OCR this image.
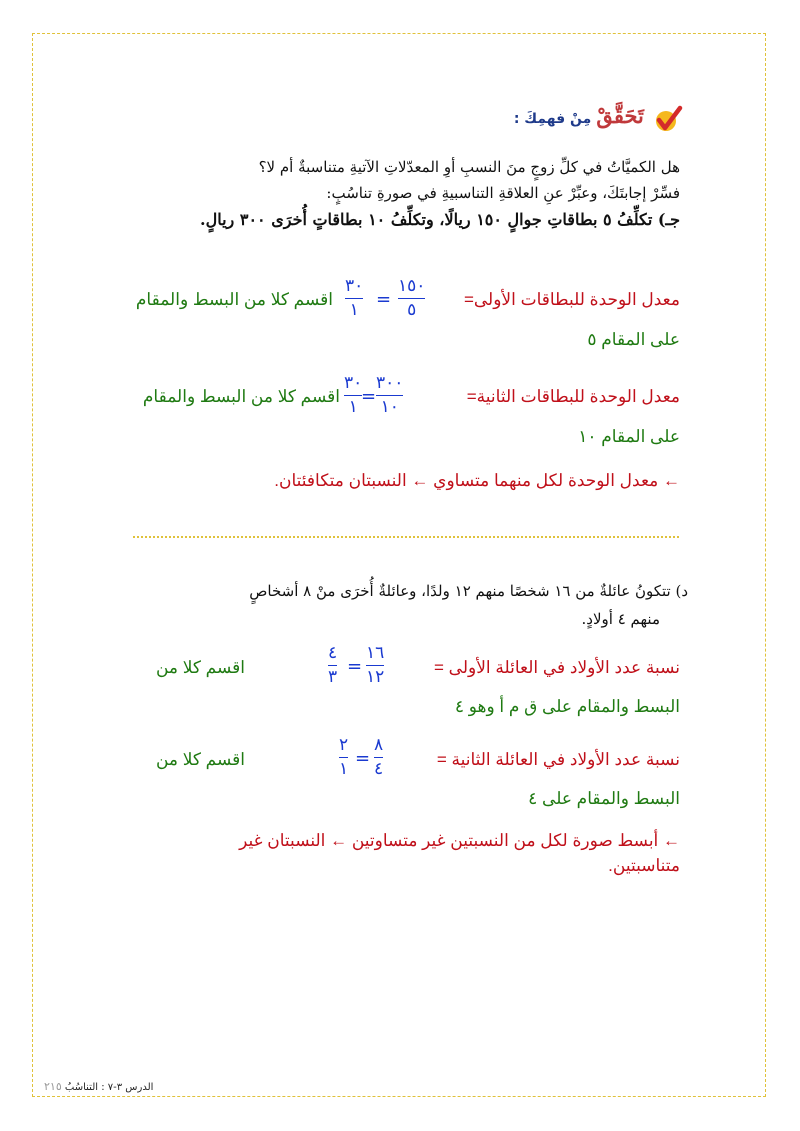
تَحَقَّقْ مِنْ فهمِكَ :
هل الكميَّاتُ في كلِّ زوجٍ منَ النسبِ أوِ المعدّلاتِ الآتيةِ متناسبةٌ أم لا؟
فسِّرْ إجابتَكَ، وعبِّرْ عنِ العلاقةِ التناسبيةِ في صورةِ تناسُبٍ:
جـ) تكلِّفُ ٥ بطاقاتِ جوالٍ ١٥٠ ريالًا، وتكلِّفُ ١٠ بطاقاتٍ أُخرَى ٣٠٠ ريالٍ.
معدل الوحدة للبطاقات الأولى=
١٥٠
٥
=
٣٠
١
اقسم كلا من البسط والمقام
على المقام ٥
معدل الوحدة للبطاقات الثانية=
٣٠٠
١٠
=
٣٠
١
اقسم كلا من البسط والمقام
على المقام ١٠
← معدل الوحدة لكل منهما متساوي ← النسبتان متكافئتان.
د) تتكونُ عائلةٌ من ١٦ شخصًا منهم ١٢ ولدًا، وعائلةٌ أُخرَى منْ ٨ أشخاصٍ
منهم ٤ أولادٍ.
نسبة عدد الأولاد في العائلة الأولى =
١٦
١٢
=
٤
٣
اقسم كلا من
البسط والمقام على ق م أ وهو ٤
نسبة عدد الأولاد في العائلة الثانية =
٨
٤
=
٢
١
اقسم كلا من
البسط والمقام على ٤
← أبسط صورة لكل من النسبتين غير متساوتين ← النسبتان غير
متناسبتين.
الدرس ٣-٧ : التناسُبُ ٢١٥
